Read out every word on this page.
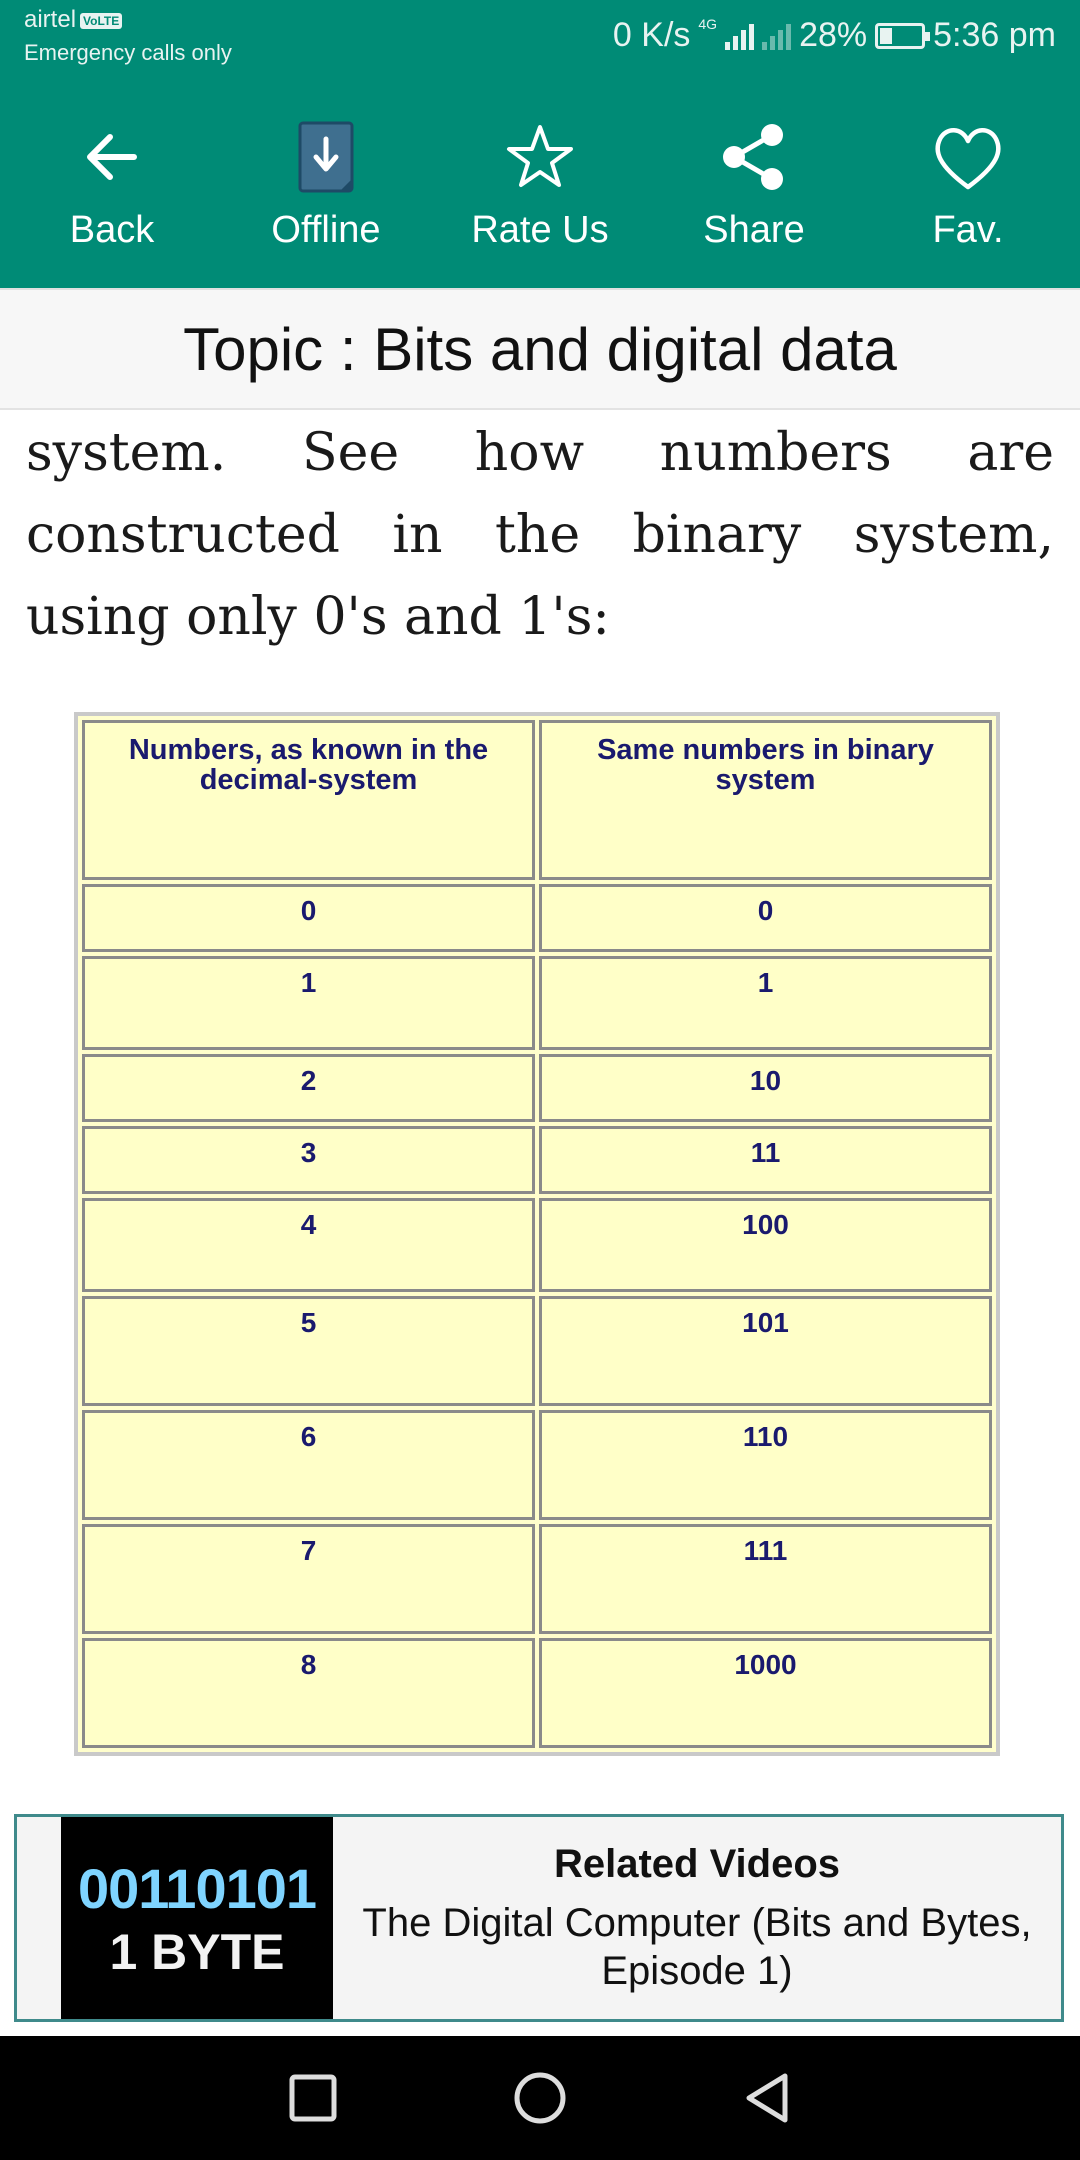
airtel VoLTE
Emergency calls only	0 K/s 4G 28% 5:36 pm
Back	Offline Rate Us Share	Fav.
Topic : Bits and digital data

system. See how numbers are constructed in the binary system, using only 0's and 1's:

Numbers, as known in the decimal-system	Same numbers in binary system
0	0
1	1
2	10
3	11
4	100
5	101
6	110
7	111
8	1000
00110101
1 BYTE
Related Videos
The Digital Computer (Bits and Bytes, Episode 1)
